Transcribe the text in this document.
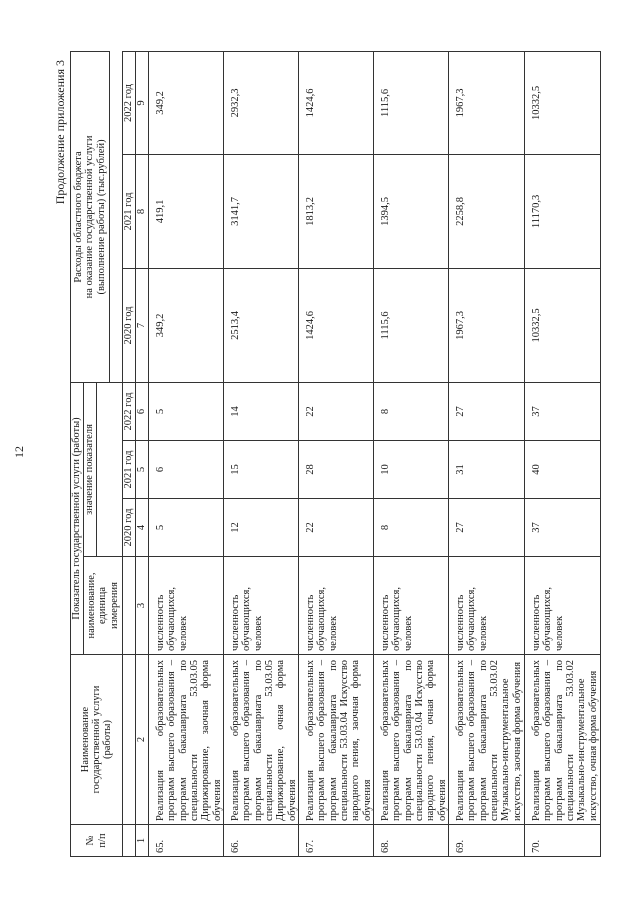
12
Продолжение приложения 3
№
п/п	Наименование
государственной услуги
(работы)	Показатель государственной услуги (работы)				Расходы областного бюджета
на оказание государственной услуги
(выполнение работы) (тыс.рублей)		
		наименование,
единица
измерения	значение показателя					

			2020 год	2021 год	2022 год	2020 год	2021 год	2022 год
1	2	3	4	5	6	7	8	9
65.	Реализация образовательных программ высшего образования – программ бакалавриата по специальности 53.03.05 Дирижирование, заочная форма обучения	численность обучающихся, человек	5	6	5	349,2	419,1	349,2
66.	Реализация образовательных программ высшего образования – программ бакалавриата по специальности 53.03.05 Дирижирование, очная форма обучения	численность обучающихся, человек	12	15	14	2513,4	3141,7	2932,3
67.	Реализация образовательных программ высшего образования – программ бакалавриата по специальности 53.03.04 Искусство народного пения, заочная форма обучения	численность обучающихся, человек	22	28	22	1424,6	1813,2	1424,6
68.	Реализация образовательных программ высшего образования – программ бакалавриата по специальности 53.03.04 Искусство народного пения, очная форма обучения	численность обучающихся, человек	8	10	8	1115,6	1394,5	1115,6
69.	Реализация образовательных программ высшего образования – программ бакалавриата по специальности 53.03.02 Музыкально-инструментальное искусство, заочная форма обучения	численность обучающихся, человек	27	31	27	1967,3	2258,8	1967,3
70.	Реализация образовательных программ высшего образования – программ бакалавриата по специальности 53.03.02 Музыкально-инструментальное искусство, очная форма обучения	численность обучающихся, человек	37	40	37	10332,5	11170,3	10332,5
